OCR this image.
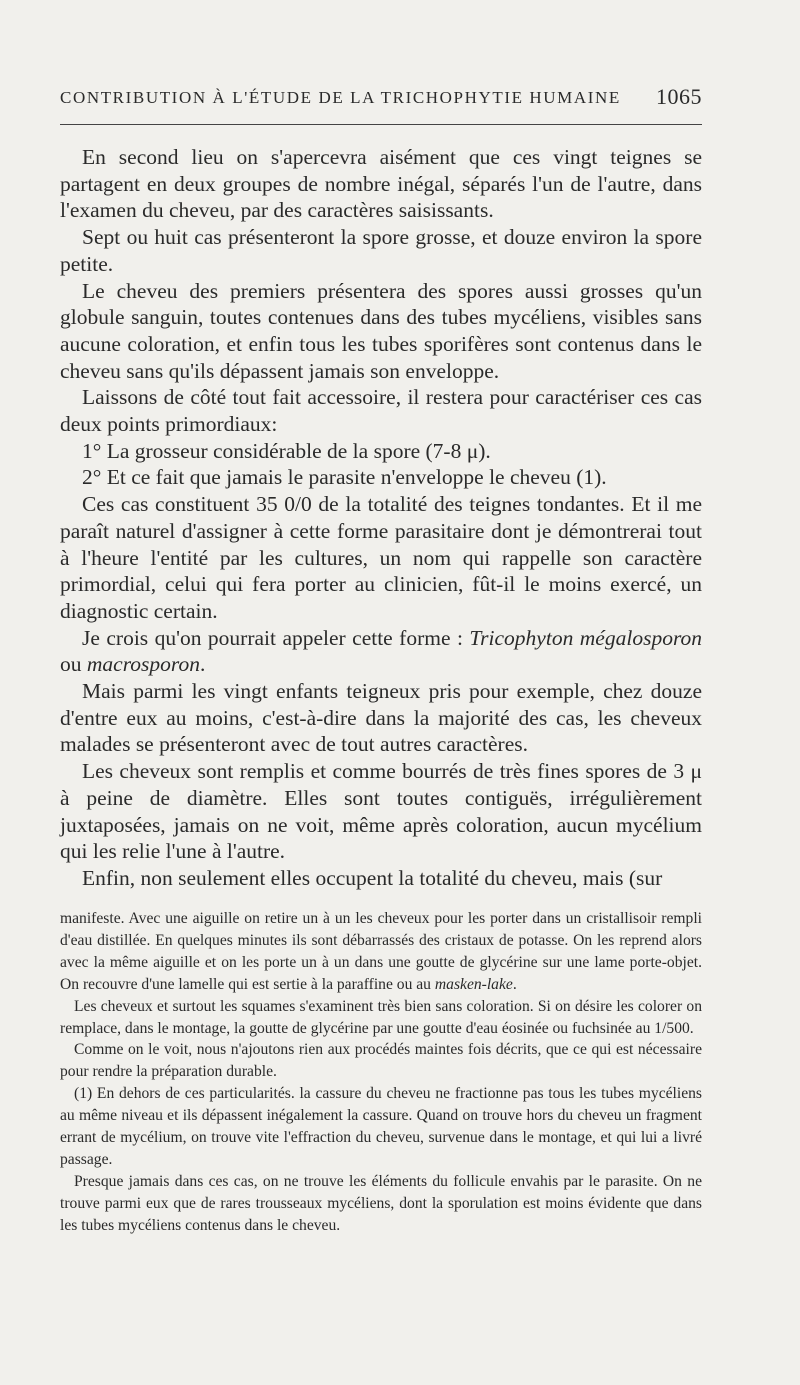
CONTRIBUTION À L'ÉTUDE DE LA TRICHOPHYTIE HUMAINE 1065

En second lieu on s'apercevra aisément que ces vingt teignes se partagent en deux groupes de nombre inégal, séparés l'un de l'autre, dans l'examen du cheveu, par des caractères saisissants.

Sept ou huit cas présenteront la spore grosse, et douze environ la spore petite.

Le cheveu des premiers présentera des spores aussi grosses qu'un globule sanguin, toutes contenues dans des tubes mycéliens, visibles sans aucune coloration, et enfin tous les tubes sporifères sont contenus dans le cheveu sans qu'ils dépassent jamais son enveloppe.

Laissons de côté tout fait accessoire, il restera pour caractériser ces cas deux points primordiaux:

1° La grosseur considérable de la spore (7-8 μ).

2° Et ce fait que jamais le parasite n'enveloppe le cheveu (1).

Ces cas constituent 35 0/0 de la totalité des teignes tondantes. Et il me paraît naturel d'assigner à cette forme parasitaire dont je démontrerai tout à l'heure l'entité par les cultures, un nom qui rappelle son caractère primordial, celui qui fera porter au clinicien, fût-il le moins exercé, un diagnostic certain.

Je crois qu'on pourrait appeler cette forme : Tricophyton mégalosporon ou macrosporon.

Mais parmi les vingt enfants teigneux pris pour exemple, chez douze d'entre eux au moins, c'est-à-dire dans la majorité des cas, les cheveux malades se présenteront avec de tout autres caractères.

Les cheveux sont remplis et comme bourrés de très fines spores de 3 μ à peine de diamètre. Elles sont toutes contiguës, irrégulièrement juxtaposées, jamais on ne voit, même après coloration, aucun mycélium qui les relie l'une à l'autre.

Enfin, non seulement elles occupent la totalité du cheveu, mais (sur

manifeste. Avec une aiguille on retire un à un les cheveux pour les porter dans un cristallisoir rempli d'eau distillée. En quelques minutes ils sont débarrassés des cristaux de potasse. On les reprend alors avec la même aiguille et on les porte un à un dans une goutte de glycérine sur une lame porte-objet. On recouvre d'une lamelle qui est sertie à la paraffine ou au masken-lake.

Les cheveux et surtout les squames s'examinent très bien sans coloration. Si on désire les colorer on remplace, dans le montage, la goutte de glycérine par une goutte d'eau éosinée ou fuchsinée au 1/500.

Comme on le voit, nous n'ajoutons rien aux procédés maintes fois décrits, que ce qui est nécessaire pour rendre la préparation durable.

(1) En dehors de ces particularités. la cassure du cheveu ne fractionne pas tous les tubes mycéliens au même niveau et ils dépassent inégalement la cassure. Quand on trouve hors du cheveu un fragment errant de mycélium, on trouve vite l'effraction du cheveu, survenue dans le montage, et qui lui a livré passage.

Presque jamais dans ces cas, on ne trouve les éléments du follicule envahis par le parasite. On ne trouve parmi eux que de rares trousseaux mycéliens, dont la sporulation est moins évidente que dans les tubes mycéliens contenus dans le cheveu.
